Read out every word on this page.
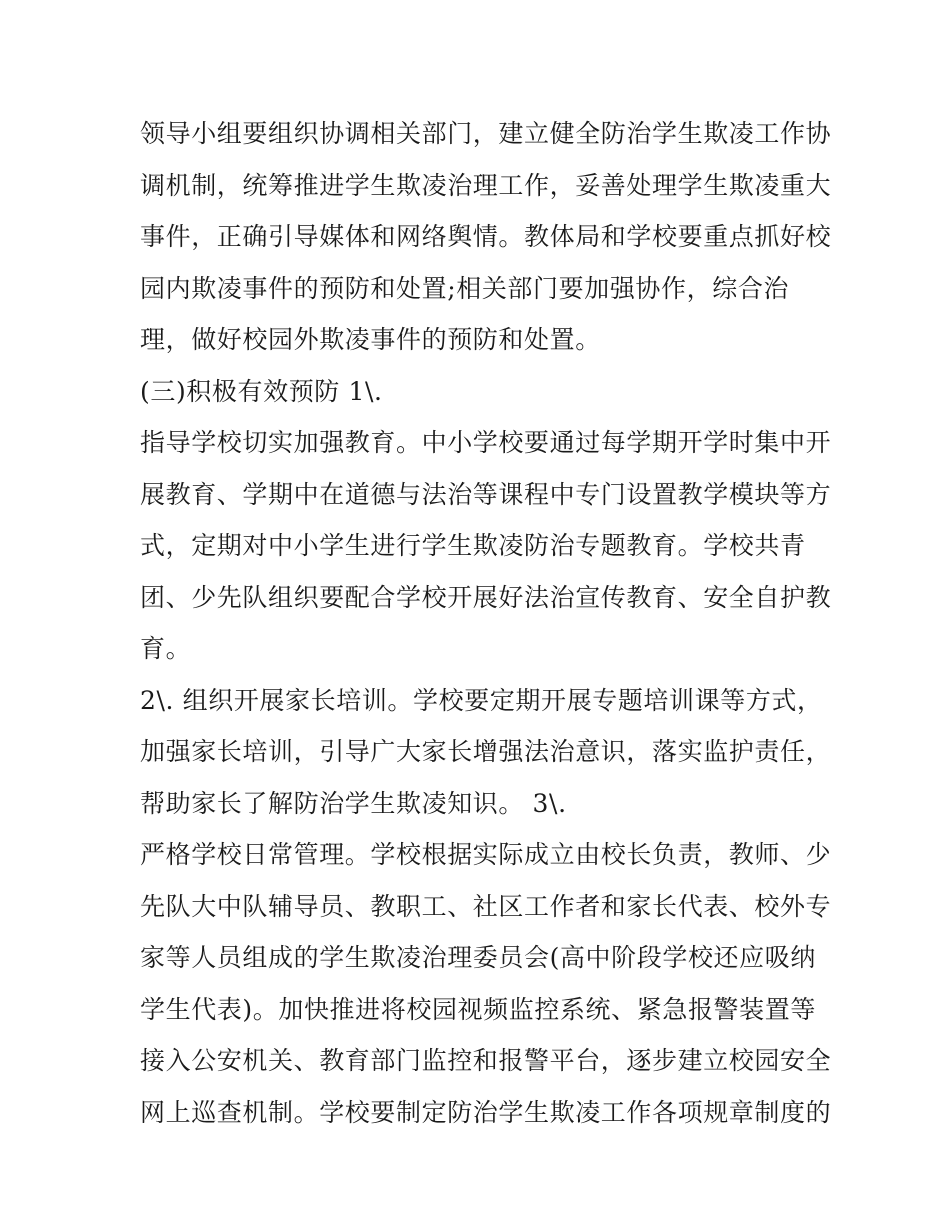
领导小组要组织协调相关部门，建立健全防治学生欺凌工作协
调机制，统筹推进学生欺凌治理工作，妥善处理学生欺凌重大
事件，正确引导媒体和网络舆情。教体局和学校要重点抓好校
园内欺凌事件的预防和处置;相关部门要加强协作，综合治
理，做好校园外欺凌事件的预防和处置。
(三)积极有效预防 1\.
指导学校切实加强教育。中小学校要通过每学期开学时集中开
展教育、学期中在道德与法治等课程中专门设置教学模块等方
式，定期对中小学生进行学生欺凌防治专题教育。学校共青
团、少先队组织要配合学校开展好法治宣传教育、安全自护教
育。
2\. 组织开展家长培训。学校要定期开展专题培训课等方式，
加强家长培训，引导广大家长增强法治意识，落实监护责任，
帮助家长了解防治学生欺凌知识。 3\.
严格学校日常管理。学校根据实际成立由校长负责，教师、少
先队大中队辅导员、教职工、社区工作者和家长代表、校外专
家等人员组成的学生欺凌治理委员会(高中阶段学校还应吸纳
学生代表)。加快推进将校园视频监控系统、紧急报警装置等
接入公安机关、教育部门监控和报警平台，逐步建立校园安全
网上巡查机制。学校要制定防治学生欺凌工作各项规章制度的
